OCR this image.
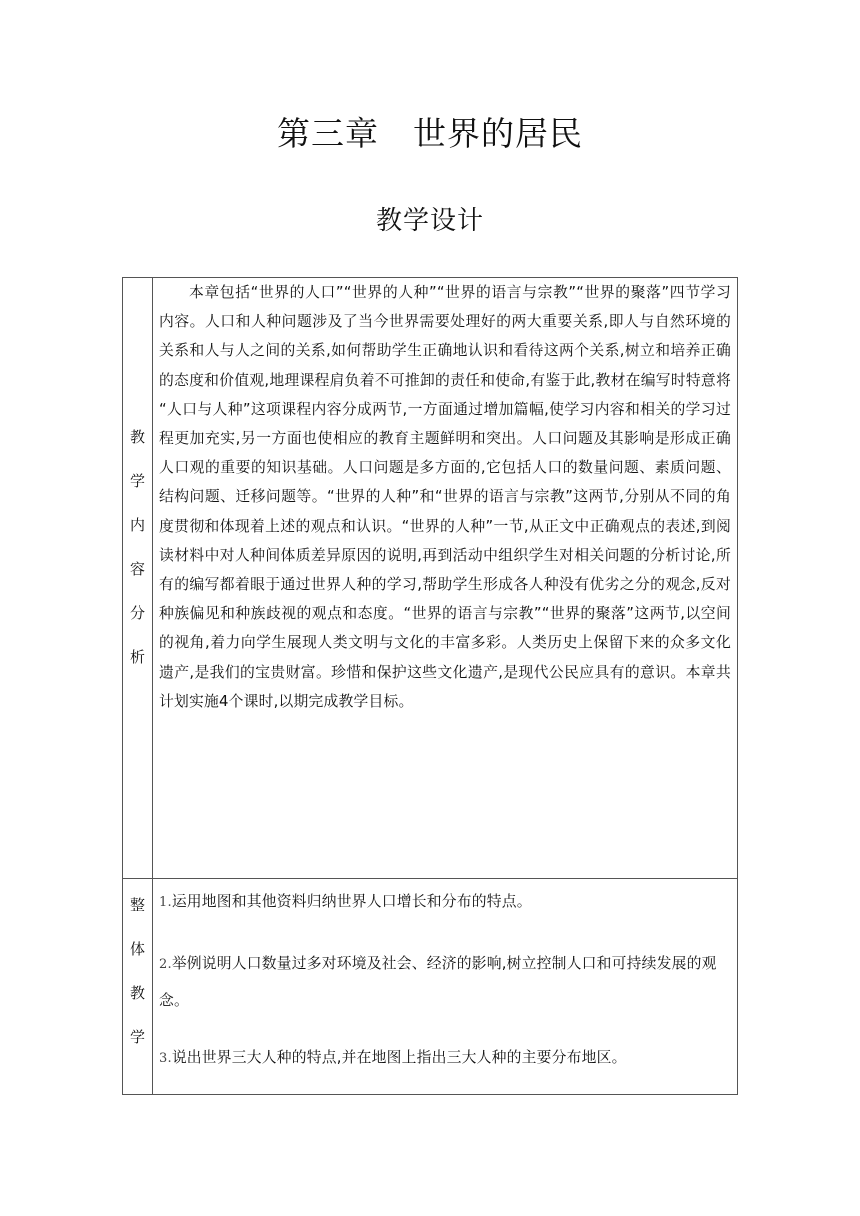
第三章　世界的居民
教学设计
教
学
内
容
分
析

本章包括“世界的人口”“世界的人种”“世界的语言与宗教”“世界的聚落”四节学习内容。人口和人种问题涉及了当今世界需要处理好的两大重要关系,即人与自然环境的关系和人与人之间的关系,如何帮助学生正确地认识和看待这两个关系,树立和培养正确的态度和价值观,地理课程肩负着不可推卸的责任和使命,有鉴于此,教材在编写时特意将 “人口与人种”这项课程内容分成两节,一方面通过增加篇幅,使学习内容和相关的学习过程更加充实,另一方面也使相应的教育主题鲜明和突出。人口问题及其影响是形成正确人口观的重要的知识基础。人口问题是多方面的,它包括人口的数量问题、素质问题、结构问题、迁移问题等。“世界的人种”和“世界的语言与宗教”这两节,分别从不同的角度贯彻和体现着上述的观点和认识。“世界的人种”一节,从正文中正确观点的表述,到阅读材料中对人种间体质差异原因的说明,再到活动中组织学生对相关问题的分析讨论,所有的编写都着眼于通过世界人种的学习,帮助学生形成各人种没有优劣之分的观念,反对种族偏见和种族歧视的观点和态度。“世界的语言与宗教”“世界的聚落”这两节,以空间的视角,着力向学生展现人类文明与文化的丰富多彩。人类历史上保留下来的众多文化遗产,是我们的宝贵财富。珍惜和保护这些文化遗产,是现代公民应具有的意识。本章共计划实施4个课时,以期完成教学目标。

整
体
教
学

1.运用地图和其他资料归纳世界人口增长和分布的特点。

2.举例说明人口数量过多对环境及社会、经济的影响,树立控制人口和可持续发展的观念。

3.说出世界三大人种的特点,并在地图上指出三大人种的主要分布地区。
